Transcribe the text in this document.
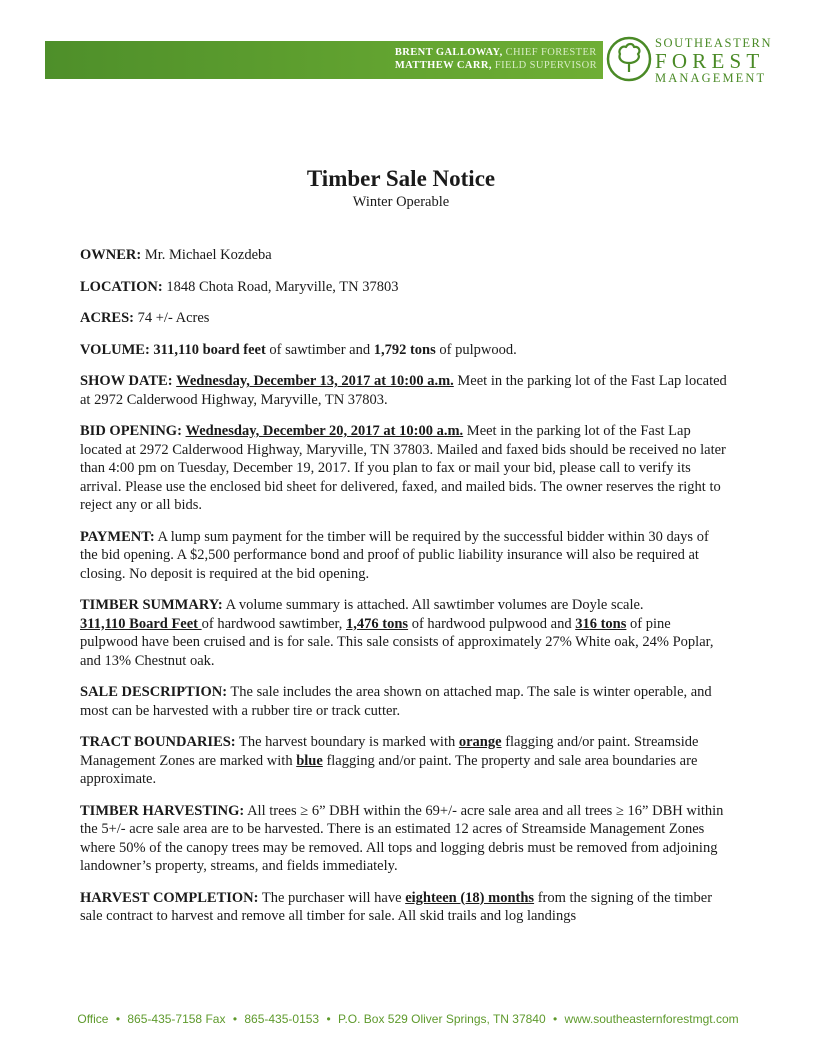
BRENT GALLOWAY, CHIEF FORESTER
MATTHEW CARR, FIELD SUPERVISOR
SOUTHEASTERN
FOREST
MANAGEMENT
Timber Sale Notice
Winter Operable

OWNER: Mr. Michael Kozdeba

LOCATION: 1848 Chota Road, Maryville, TN 37803

ACRES: 74 +/- Acres

VOLUME: 311,110 board feet of sawtimber and 1,792 tons of pulpwood.

SHOW DATE: Wednesday, December 13, 2017 at 10:00 a.m. Meet in the parking lot of the Fast Lap located at 2972 Calderwood Highway, Maryville, TN 37803.

BID OPENING: Wednesday, December 20, 2017 at 10:00 a.m. Meet in the parking lot of the Fast Lap located at 2972 Calderwood Highway, Maryville, TN 37803. Mailed and faxed bids should be received no later than 4:00 pm on Tuesday, December 19, 2017. If you plan to fax or mail your bid, please call to verify its arrival. Please use the enclosed bid sheet for delivered, faxed, and mailed bids. The owner reserves the right to reject any or all bids.

PAYMENT: A lump sum payment for the timber will be required by the successful bidder within 30 days of the bid opening. A $2,500 performance bond and proof of public liability insurance will also be required at closing. No deposit is required at the bid opening.

TIMBER SUMMARY: A volume summary is attached. All sawtimber volumes are Doyle scale.
311,110 Board Feet of hardwood sawtimber, 1,476 tons of hardwood pulpwood and 316 tons of pine pulpwood have been cruised and is for sale. This sale consists of approximately 27% White oak, 24% Poplar, and 13% Chestnut oak.

SALE DESCRIPTION: The sale includes the area shown on attached map. The sale is winter operable, and most can be harvested with a rubber tire or track cutter.

TRACT BOUNDARIES: The harvest boundary is marked with orange flagging and/or paint. Streamside Management Zones are marked with blue flagging and/or paint. The property and sale area boundaries are approximate.

TIMBER HARVESTING: All trees ≥ 6” DBH within the 69+/- acre sale area and all trees ≥ 16” DBH within the 5+/- acre sale area are to be harvested. There is an estimated 12 acres of Streamside Management Zones where 50% of the canopy trees may be removed. All tops and logging debris must be removed from adjoining landowner’s property, streams, and fields immediately.

HARVEST COMPLETION: The purchaser will have eighteen (18) months from the signing of the timber sale contract to harvest and remove all timber for sale. All skid trails and log landings

Office • 865-435-7158 Fax • 865-435-0153 • P.O. Box 529 Oliver Springs, TN 37840 • www.southeasternforestmgt.com
